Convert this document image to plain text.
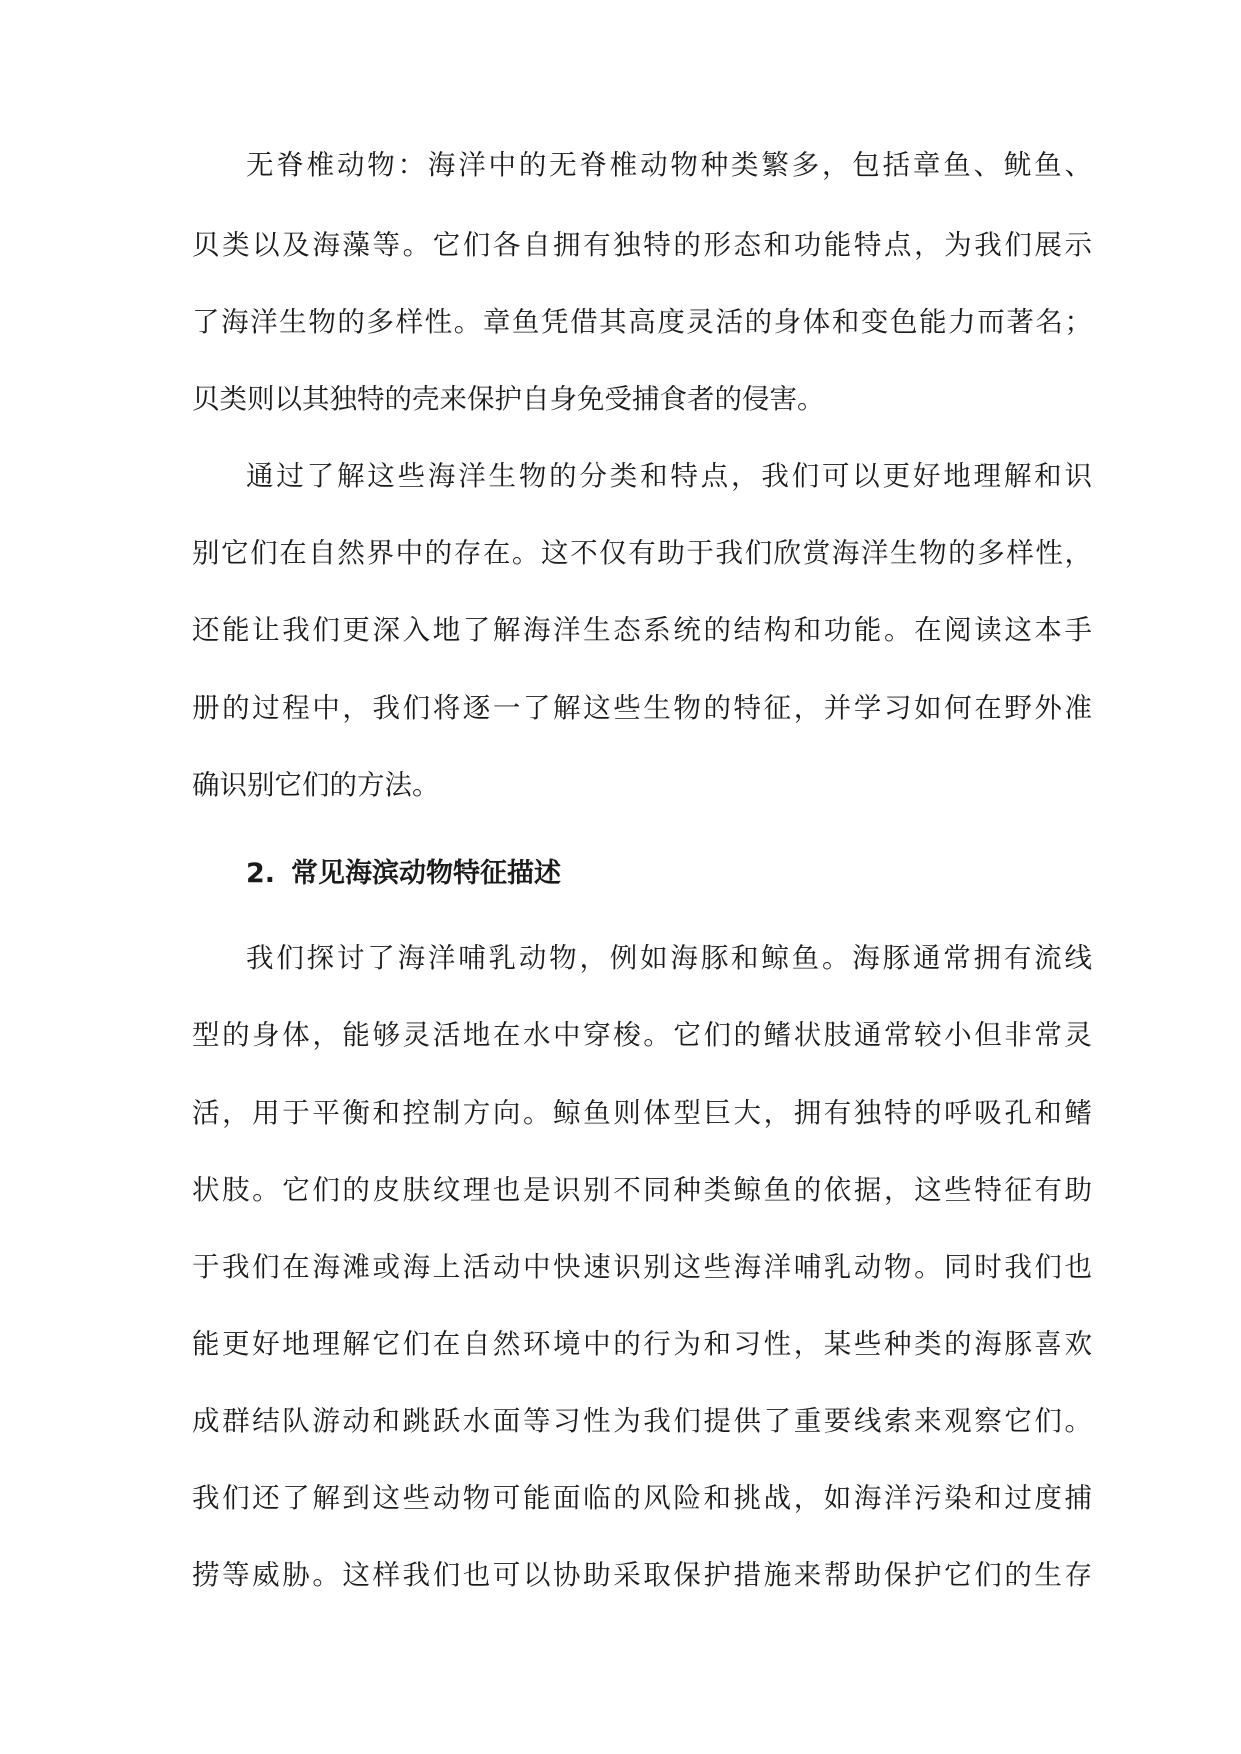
无脊椎动物：海洋中的无脊椎动物种类繁多，包括章鱼、鱿鱼、

贝类以及海藻等。它们各自拥有独特的形态和功能特点，为我们展示

了海洋生物的多样性。章鱼凭借其高度灵活的身体和变色能力而著名；

贝类则以其独特的壳来保护自身免受捕食者的侵害。

通过了解这些海洋生物的分类和特点，我们可以更好地理解和识

别它们在自然界中的存在。这不仅有助于我们欣赏海洋生物的多样性，

还能让我们更深入地了解海洋生态系统的结构和功能。在阅读这本手

册的过程中，我们将逐一了解这些生物的特征，并学习如何在野外准

确识别它们的方法。

2. 常见海滨动物特征描述

我们探讨了海洋哺乳动物，例如海豚和鲸鱼。海豚通常拥有流线

型的身体，能够灵活地在水中穿梭。它们的鳍状肢通常较小但非常灵

活，用于平衡和控制方向。鲸鱼则体型巨大，拥有独特的呼吸孔和鳍

状肢。它们的皮肤纹理也是识别不同种类鲸鱼的依据，这些特征有助

于我们在海滩或海上活动中快速识别这些海洋哺乳动物。同时我们也

能更好地理解它们在自然环境中的行为和习性，某些种类的海豚喜欢

成群结队游动和跳跃水面等习性为我们提供了重要线索来观察它们。

我们还了解到这些动物可能面临的风险和挑战，如海洋污染和过度捕

捞等威胁。这样我们也可以协助采取保护措施来帮助保护它们的生存
